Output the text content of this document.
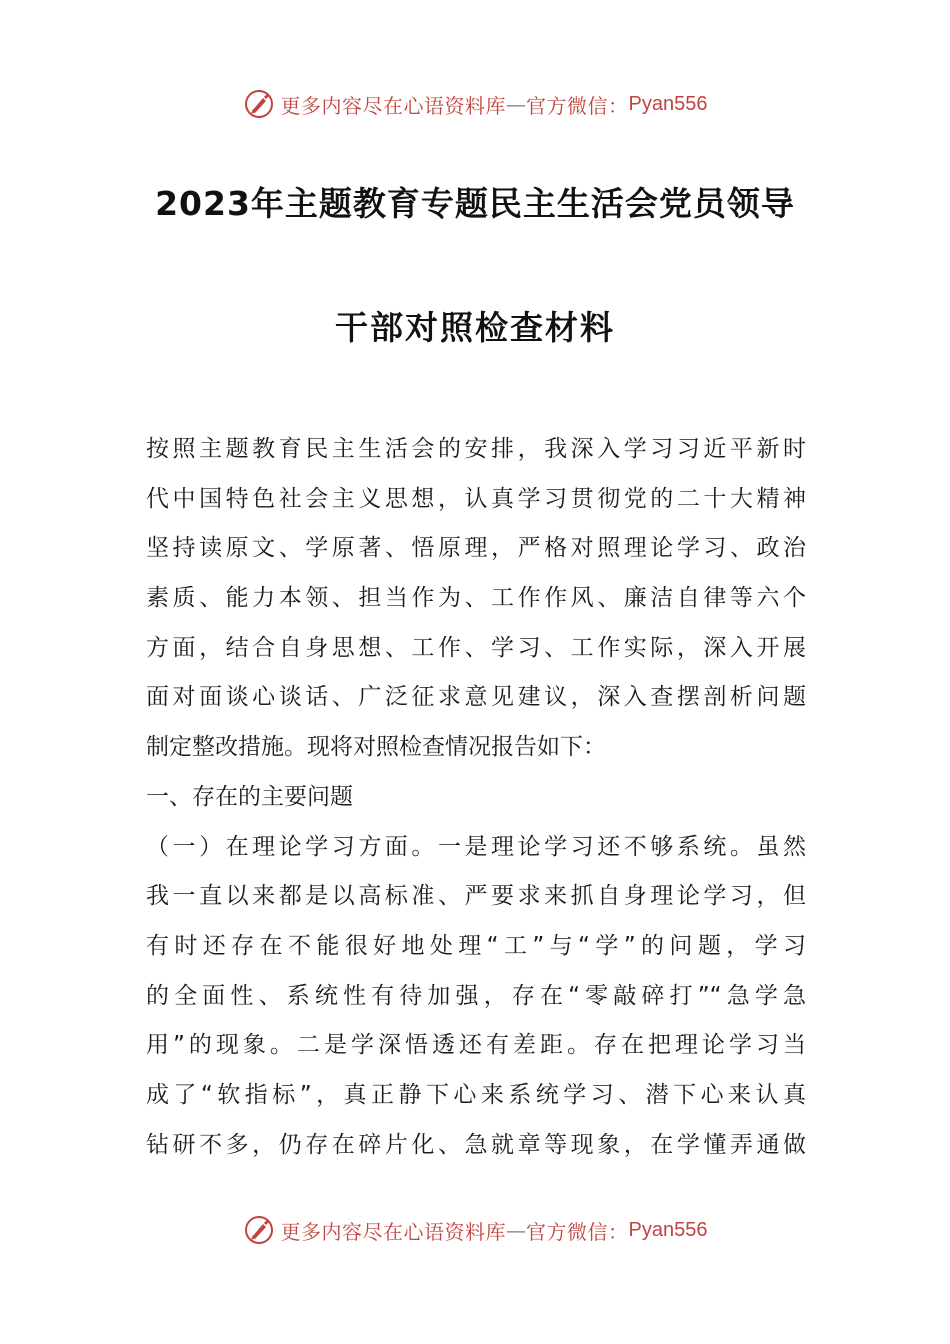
更多内容尽在心语资料库 — 官方微信： Pyan556
2023年主题教育专题民主生活会党员领导
干部对照检查材料
按照主题教育民主生活会的安排，我深入学习习近平新时
代中国特色社会主义思想，认真学习贯彻党的二十大精神
坚持读原文、学原著、悟原理，严格对照理论学习、政治
素质、能力本领、担当作为、工作作风、廉洁自律等六个
方面，结合自身思想、工作、学习、工作实际，深入开展
面对面谈心谈话、广泛征求意见建议，深入查摆剖析问题
制定整改措施。现将对照检查情况报告如下：
一、存在的主要问题
（一）在理论学习方面。一是理论学习还不够系统。虽然
我一直以来都是以高标准、严要求来抓自身理论学习，但
有时还存在不能很好地处理“工”与“学”的问题，学习
的全面性、系统性有待加强，存在“零敲碎打”“急学急
用”的现象。二是学深悟透还有差距。存在把理论学习当
成了“软指标”，真正静下心来系统学习、潜下心来认真
钻研不多，仍存在碎片化、急就章等现象，在学懂弄通做
更多内容尽在心语资料库 — 官方微信： Pyan556
